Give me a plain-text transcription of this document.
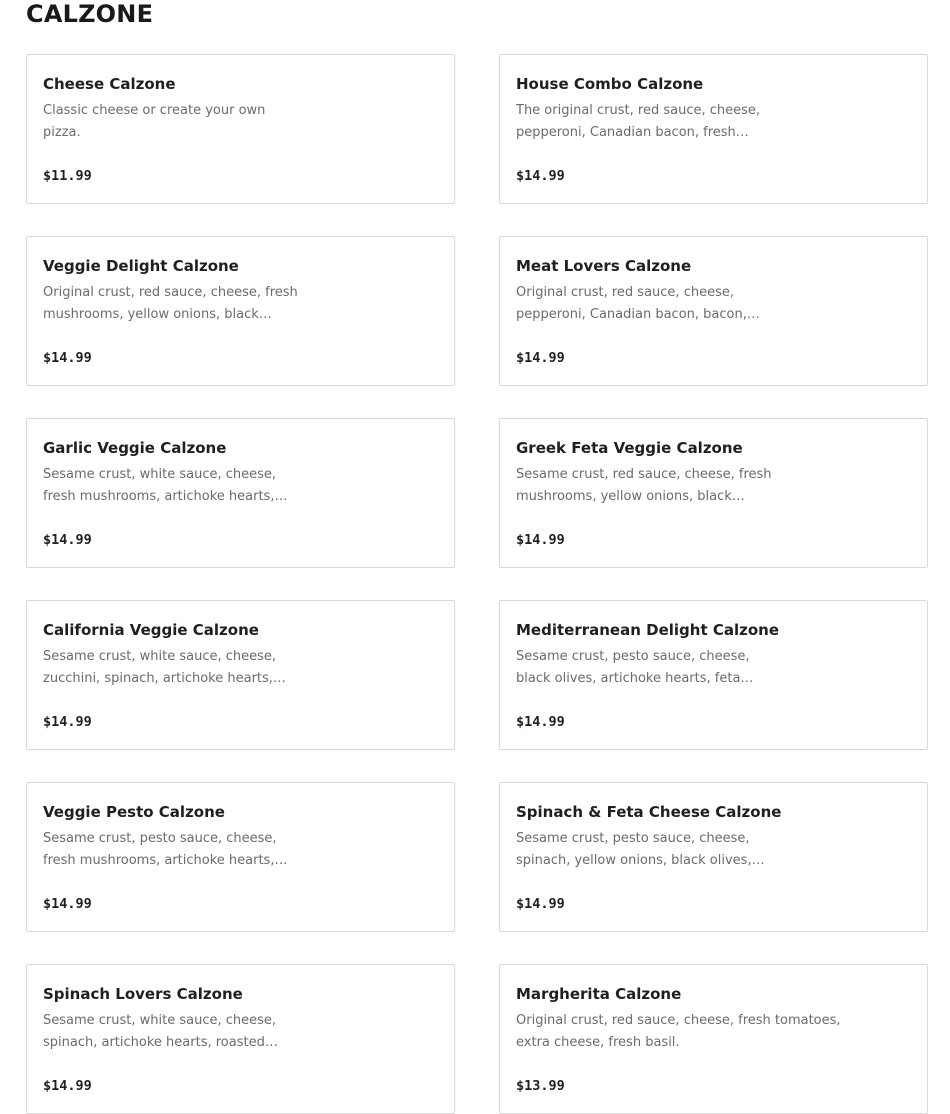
CALZONE
Cheese Calzone
Classic cheese or create your own pizza.
$11.99
House Combo Calzone
The original crust, red sauce, cheese, pepperoni, Canadian bacon, fresh…
$14.99
Veggie Delight Calzone
Original crust, red sauce, cheese, fresh mushrooms, yellow onions, black…
$14.99
Meat Lovers Calzone
Original crust, red sauce, cheese, pepperoni, Canadian bacon, bacon,…
$14.99
Garlic Veggie Calzone
Sesame crust, white sauce, cheese, fresh mushrooms, artichoke hearts,…
$14.99
Greek Feta Veggie Calzone
Sesame crust, red sauce, cheese, fresh mushrooms, yellow onions, black…
$14.99
California Veggie Calzone
Sesame crust, white sauce, cheese, zucchini, spinach, artichoke hearts,…
$14.99
Mediterranean Delight Calzone
Sesame crust, pesto sauce, cheese, black olives, artichoke hearts, feta…
$14.99
Veggie Pesto Calzone
Sesame crust, pesto sauce, cheese, fresh mushrooms, artichoke hearts,…
$14.99
Spinach & Feta Cheese Calzone
Sesame crust, pesto sauce, cheese, spinach, yellow onions, black olives,…
$14.99
Spinach Lovers Calzone
Sesame crust, white sauce, cheese, spinach, artichoke hearts, roasted…
$14.99
Margherita Calzone
Original crust, red sauce, cheese, fresh tomatoes, extra cheese, fresh basil.
$13.99
